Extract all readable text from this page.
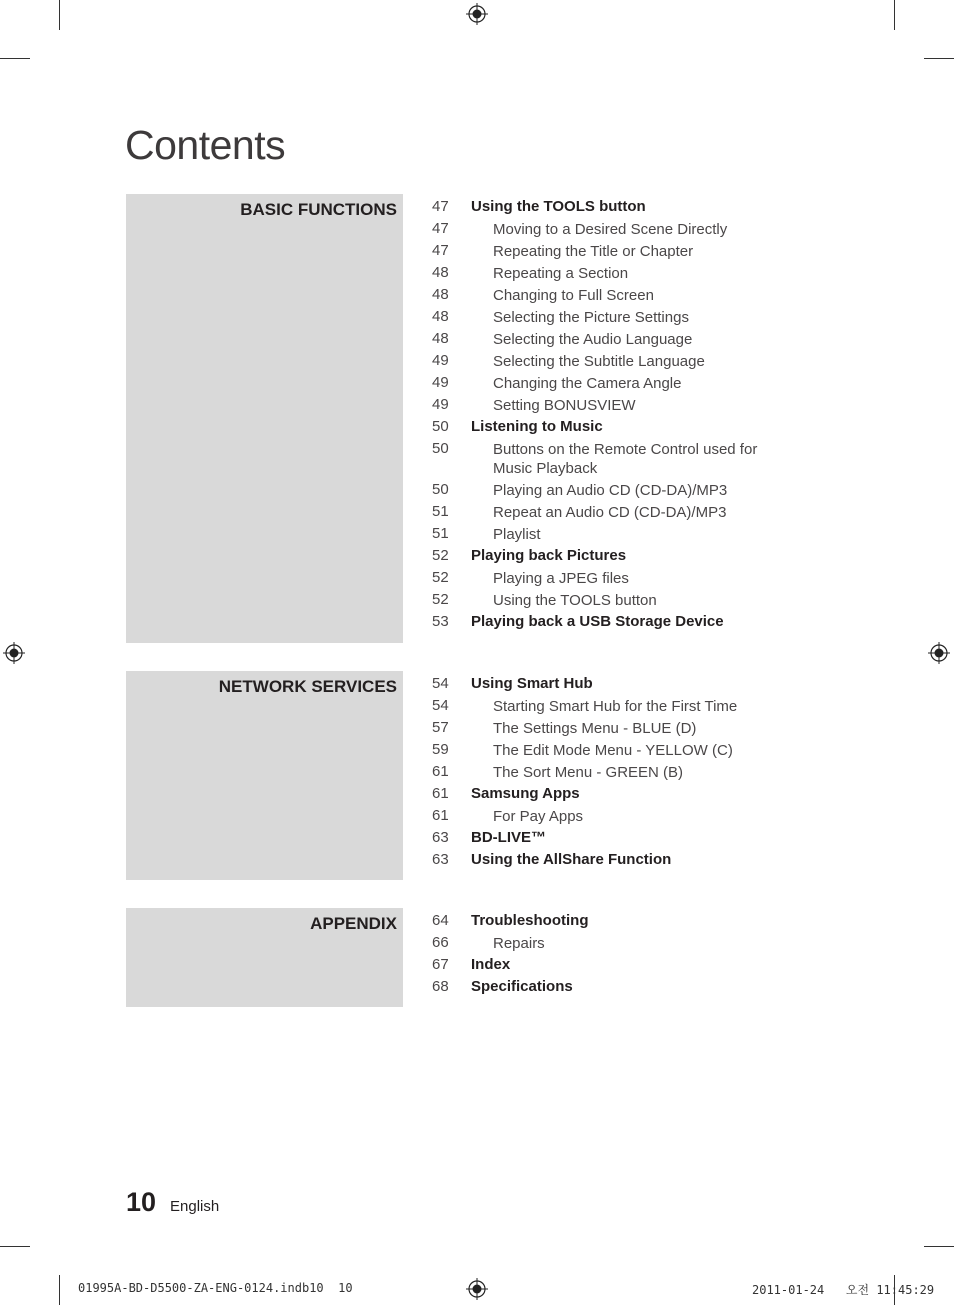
Contents
BASIC FUNCTIONS
NETWORK SERVICES
APPENDIX
47	Using the TOOLS button
47	Moving to a Desired Scene Directly
47	Repeating the Title or Chapter
48	Repeating a Section
48	Changing to Full Screen
48	Selecting the Picture Settings
48	Selecting the Audio Language
49	Selecting the Subtitle Language
49	Changing the Camera Angle
49	Setting BONUSVIEW
50	Listening to Music
50	Buttons on the Remote Control used for Music Playback
50	Playing an Audio CD (CD-DA)/MP3
51	Repeat an Audio CD (CD-DA)/MP3
51	Playlist
52	Playing back Pictures
52	Playing a JPEG files
52	Using the TOOLS button
53	Playing back a USB Storage Device
54	Using Smart Hub
54	Starting Smart Hub for the First Time
57	The Settings Menu - BLUE (D)
59	The Edit Mode Menu - YELLOW (C)
61	The Sort Menu - GREEN (B)
61	Samsung Apps
61	For Pay Apps
63	BD-LIVE™
63	Using the AllShare Function
64	Troubleshooting
66	Repairs
67	Index
68	Specifications
10 English
01995A-BD-D5500-ZA-ENG-0124.indb10 10	2011-01-24   오전 11:45:29
